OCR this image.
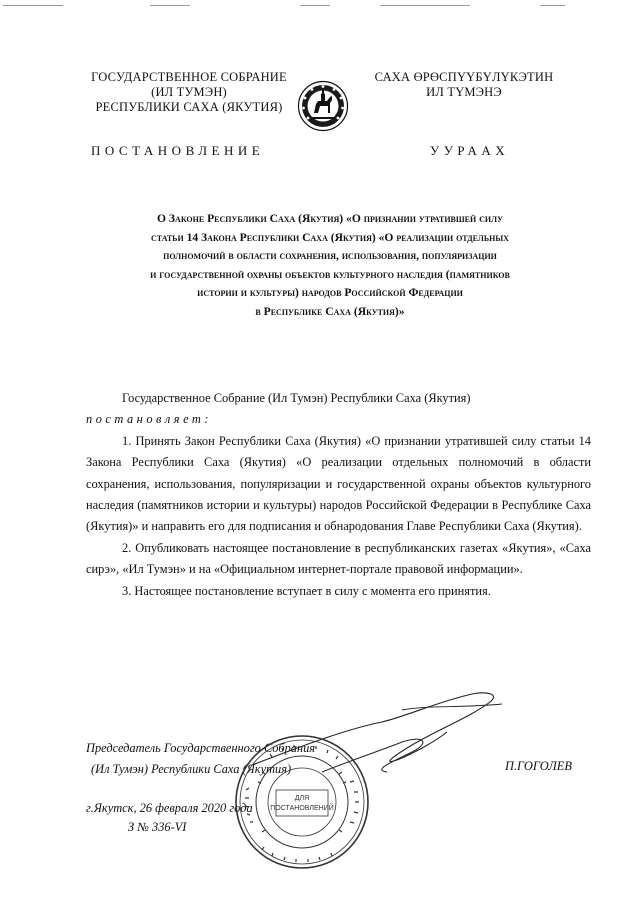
ГОСУДАРСТВЕННОЕ СОБРАНИЕ
(ИЛ ТУМЭН)
РЕСПУБЛИКИ САХА (ЯКУТИЯ)
САХА ӨРӨСПҮҮБҮЛҮКЭТИН
ИЛ ТҮМЭНЭ
ПОСТАНОВЛЕНИЕ	УУРААХ
О Законе Республики Саха (Якутия) «О признании утратившей силу
статьи 14 Закона Республики Саха (Якутия) «О реализации отдельных
полномочий в области сохранения, использования, популяризации
и государственной охраны объектов культурного наследия (памятников
истории и культуры) народов Российской Федерации
в Республике Саха (Якутия)»

Государственное Собрание (Ил Тумэн) Республики Саха (Якутия)

постановляет:

1. Принять Закон Республики Саха (Якутия) «О признании утратившей силу статьи 14 Закона Республики Саха (Якутия) «О реализации отдельных полномочий в области сохранения, использования, популяризации и государственной охраны объектов культурного наследия (памятников истории и культуры) народов Российской Федерации в Республике Саха (Якутия)» и направить его для подписания и обнародования Главе Республики Саха (Якутия).

2. Опубликовать настоящее постановление в республиканских газетах «Якутия», «Саха сирэ», «Ил Тумэн» и на «Официальном интернет-портале правовой информации».

3. Настоящее постановление вступает в силу с момента его принятия.

Председатель Государственного Собрания
(Ил Тумэн) Республики Саха (Якутия)	П.ГОГОЛЕВ
г.Якутск, 26 февраля 2020 года
З № 336-VI
ДЛЯ
ПОСТАНОВЛЕНИЙ
